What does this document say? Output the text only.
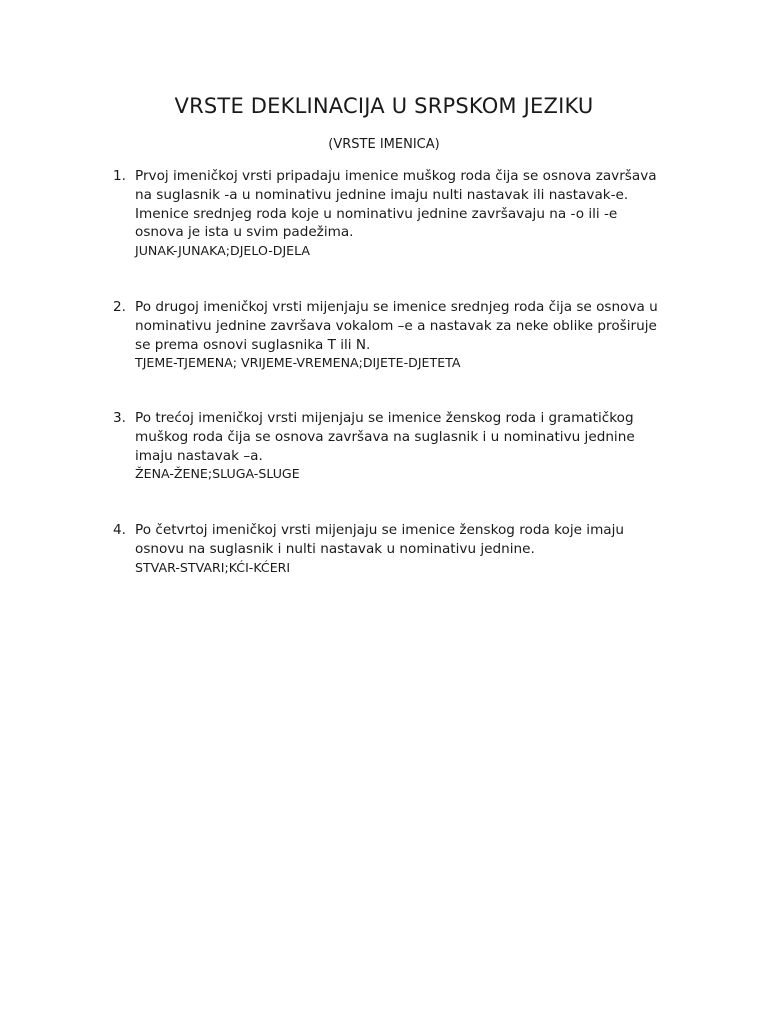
VRSTE DEKLINACIJA U SRPSKOM JEZIKU
(VRSTE IMENICA)
1. Prvoj imeničkoj vrsti pripadaju imenice muškog roda čija se osnova završava
na suglasnik -a u nominativu jednine imaju nulti nastavak ili nastavak-e.
Imenice srednjeg roda koje u nominativu jednine završavaju na -o ili -e
osnova je ista u svim padežima.
JUNAK-JUNAKA;DJELO-DJELA
2. Po drugoj imeničkoj vrsti mijenjaju se imenice srednjeg roda čija se osnova u
nominativu jednine završava vokalom –e a nastavak za neke oblike proširuje
se prema osnovi suglasnika T ili N.
TJEME-TJEMENA; VRIJEME-VREMENA;DIJETE-DJETETA
3. Po trećoj imeničkoj vrsti mijenjaju se imenice ženskog roda i gramatičkog
muškog roda čija se osnova završava na suglasnik i u nominativu jednine
imaju nastavak –a.
ŽENA-ŽENE;SLUGA-SLUGE
4. Po četvrtoj imeničkoj vrsti mijenjaju se imenice ženskog roda koje imaju
osnovu na suglasnik i nulti nastavak u nominativu jednine.
STVAR-STVARI;KĆI-KĆERI
